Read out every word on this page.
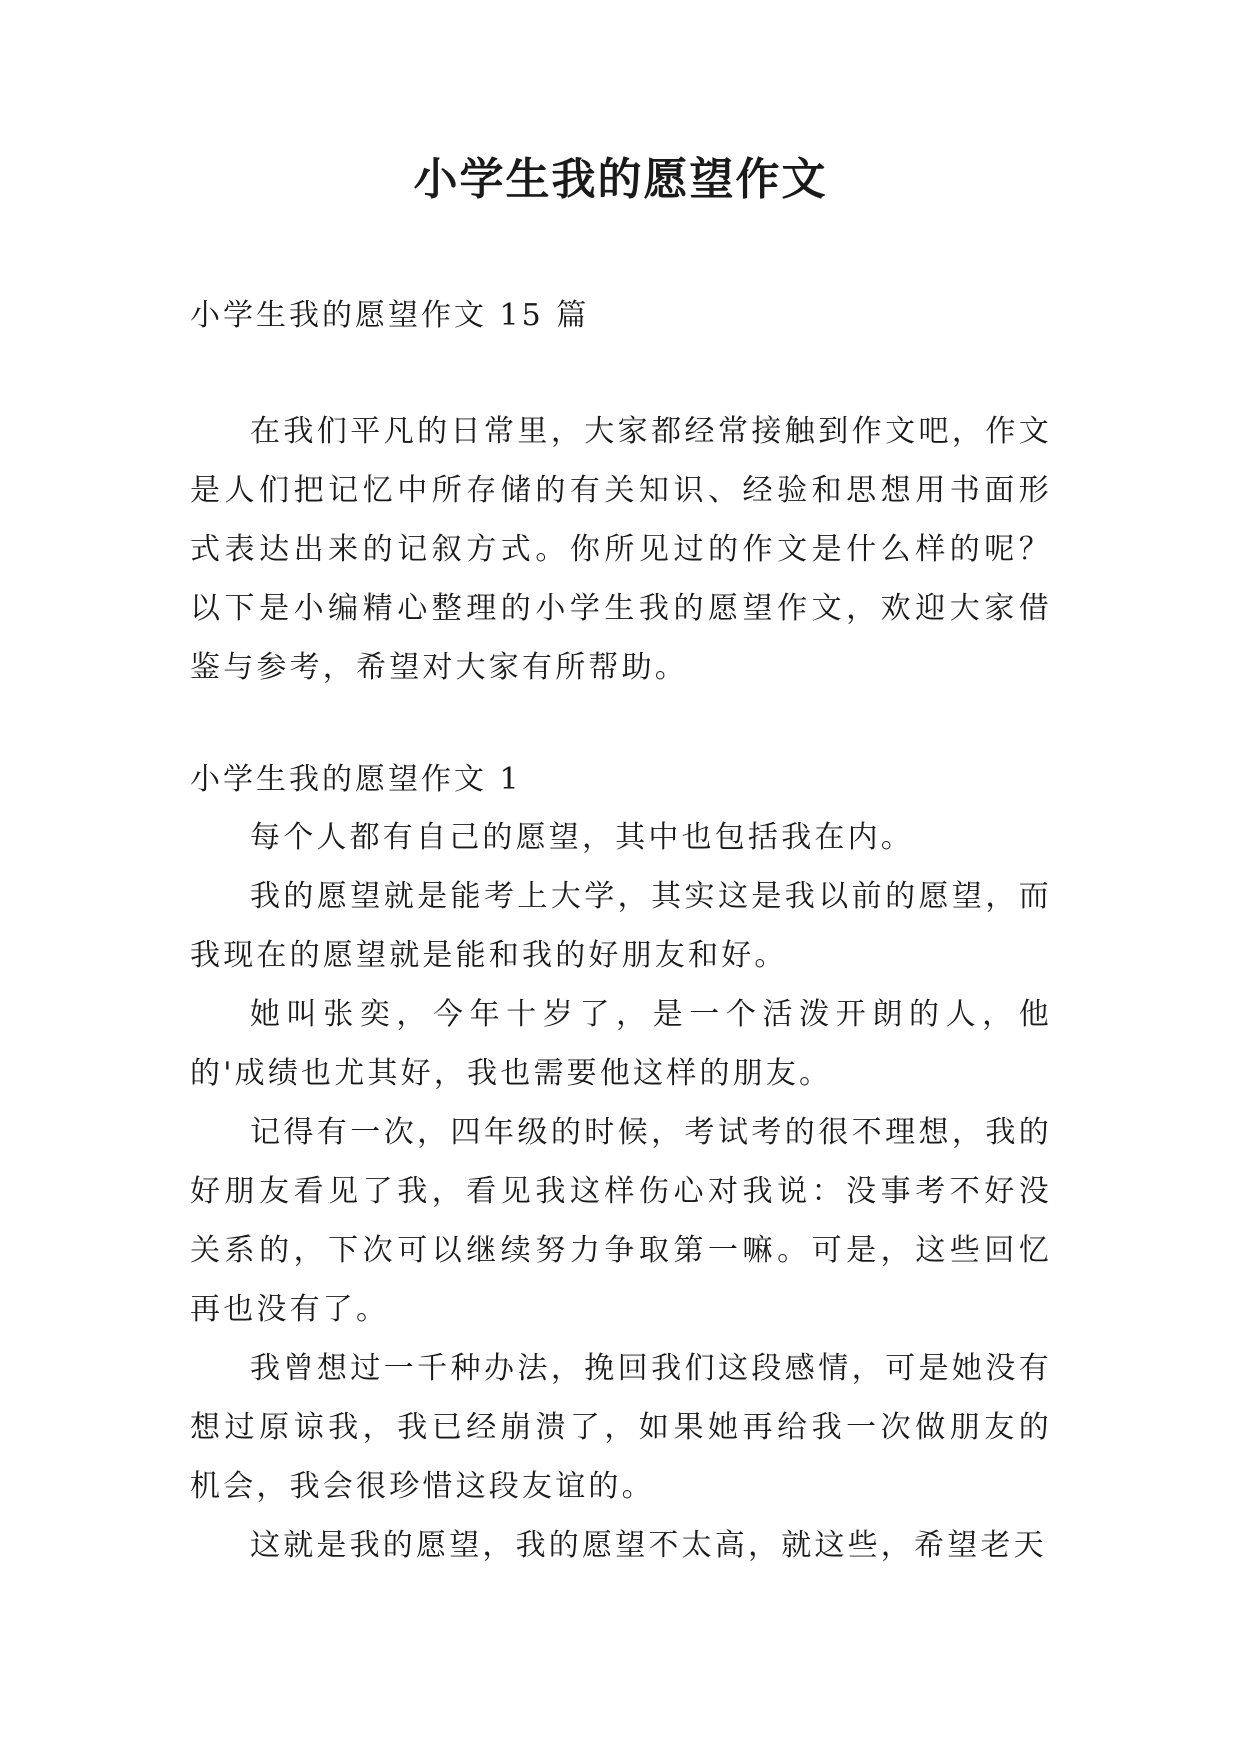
小学生我的愿望作文

小学生我的愿望作文 15 篇

在我们平凡的日常里，大家都经常接触到作文吧，作文是人们把记忆中所存储的有关知识、经验和思想用书面形式表达出来的记叙方式。你所见过的作文是什么样的呢？以下是小编精心整理的小学生我的愿望作文，欢迎大家借鉴与参考，希望对大家有所帮助。

小学生我的愿望作文 1

每个人都有自己的愿望，其中也包括我在内。

我的愿望就是能考上大学，其实这是我以前的愿望，而我现在的愿望就是能和我的好朋友和好。

她叫张奕，今年十岁了，是一个活泼开朗的人，他的'成绩也尤其好，我也需要他这样的朋友。

记得有一次，四年级的时候，考试考的很不理想，我的好朋友看见了我，看见我这样伤心对我说：没事考不好没关系的，下次可以继续努力争取第一嘛。可是，这些回忆再也没有了。

我曾想过一千种办法，挽回我们这段感情，可是她没有想过原谅我，我已经崩溃了，如果她再给我一次做朋友的机会，我会很珍惜这段友谊的。

这就是我的愿望，我的愿望不太高，就这些，希望老天
